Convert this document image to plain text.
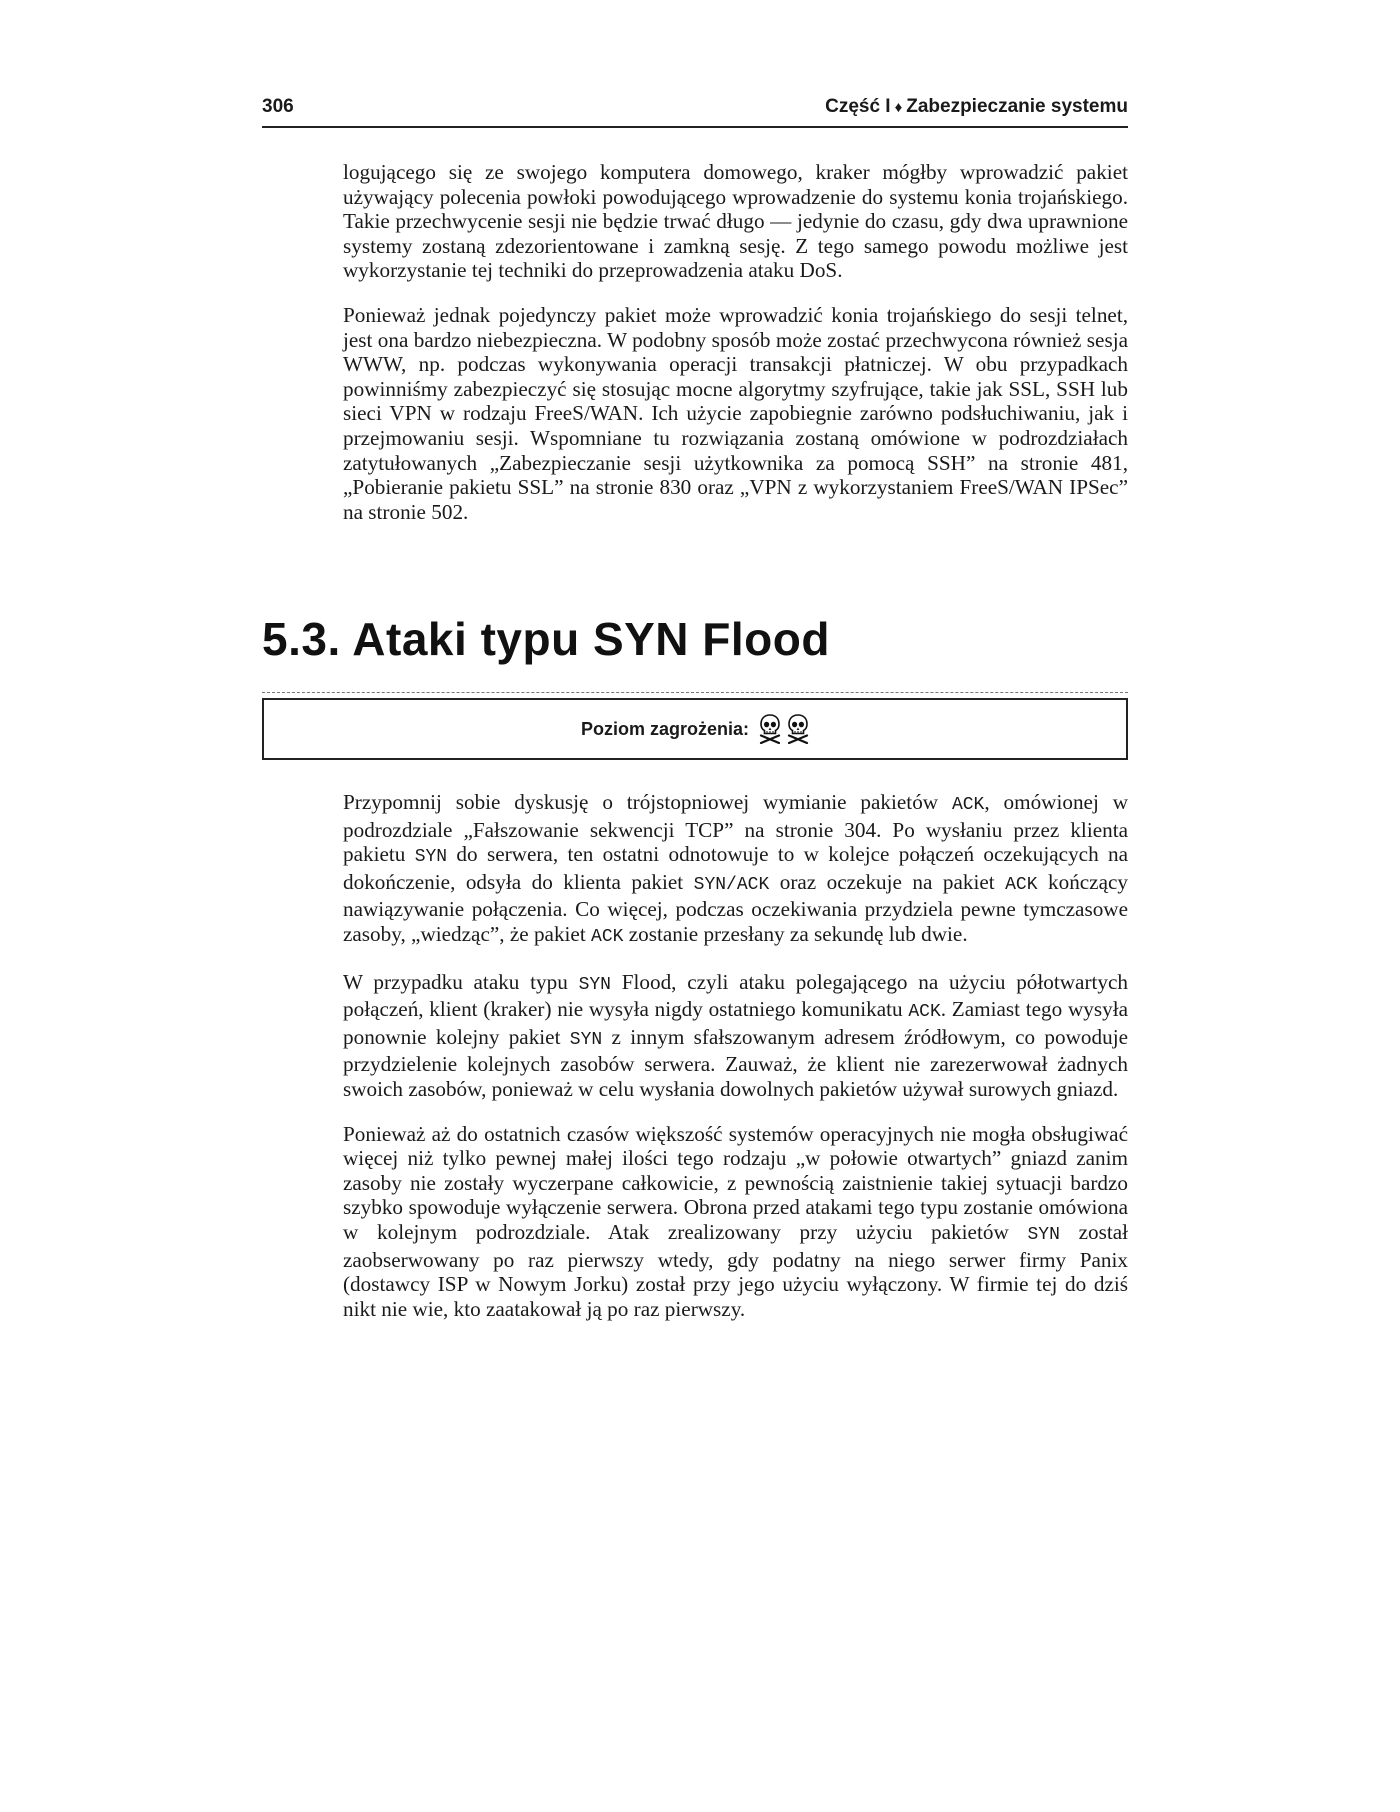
306	Część I ♦ Zabezpieczanie systemu

logującego się ze swojego komputera domowego, kraker mógłby wprowadzić pakiet używający polecenia powłoki powodującego wprowadzenie do systemu konia trojańskiego. Takie przechwycenie sesji nie będzie trwać długo — jedynie do czasu, gdy dwa uprawnione systemy zostaną zdezorientowane i zamkną sesję. Z tego samego powodu możliwe jest wykorzystanie tej techniki do przeprowadzenia ataku DoS.

Ponieważ jednak pojedynczy pakiet może wprowadzić konia trojańskiego do sesji telnet, jest ona bardzo niebezpieczna. W podobny sposób może zostać przechwycona również sesja WWW, np. podczas wykonywania operacji transakcji płatniczej. W obu przypadkach powinniśmy zabezpieczyć się stosując mocne algorytmy szyfrujące, takie jak SSL, SSH lub sieci VPN w rodzaju FreeS/WAN. Ich użycie zapobiegnie zarówno podsłuchiwaniu, jak i przejmowaniu sesji. Wspomniane tu rozwiązania zostaną omówione w podrozdziałach zatytułowanych „Zabezpieczanie sesji użytkownika za pomocą SSH” na stronie 481, „Pobieranie pakietu SSL” na stronie 830 oraz „VPN z wykorzystaniem FreeS/WAN IPSec” na stronie 502.

5.3. Ataki typu SYN Flood
Poziom zagrożenia:

Przypomnij sobie dyskusję o trójstopniowej wymianie pakietów ACK, omówionej w podrozdziale „Fałszowanie sekwencji TCP” na stronie 304. Po wysłaniu przez klienta pakietu SYN do serwera, ten ostatni odnotowuje to w kolejce połączeń oczekujących na dokończenie, odsyła do klienta pakiet SYN/ACK oraz oczekuje na pakiet ACK kończący nawiązywanie połączenia. Co więcej, podczas oczekiwania przydziela pewne tymczasowe zasoby, „wiedząc”, że pakiet ACK zostanie przesłany za sekundę lub dwie.

W przypadku ataku typu SYN Flood, czyli ataku polegającego na użyciu półotwartych połączeń, klient (kraker) nie wysyła nigdy ostatniego komunikatu ACK. Zamiast tego wysyła ponownie kolejny pakiet SYN z innym sfałszowanym adresem źródłowym, co powoduje przydzielenie kolejnych zasobów serwera. Zauważ, że klient nie zarezerwował żadnych swoich zasobów, ponieważ w celu wysłania dowolnych pakietów używał surowych gniazd.

Ponieważ aż do ostatnich czasów większość systemów operacyjnych nie mogła obsługiwać więcej niż tylko pewnej małej ilości tego rodzaju „w połowie otwartych” gniazd zanim zasoby nie zostały wyczerpane całkowicie, z pewnością zaistnienie takiej sytuacji bardzo szybko spowoduje wyłączenie serwera. Obrona przed atakami tego typu zostanie omówiona w kolejnym podrozdziale. Atak zrealizowany przy użyciu pakietów SYN został zaobserwowany po raz pierwszy wtedy, gdy podatny na niego serwer firmy Panix (dostawcy ISP w Nowym Jorku) został przy jego użyciu wyłączony. W firmie tej do dziś nikt nie wie, kto zaatakował ją po raz pierwszy.
